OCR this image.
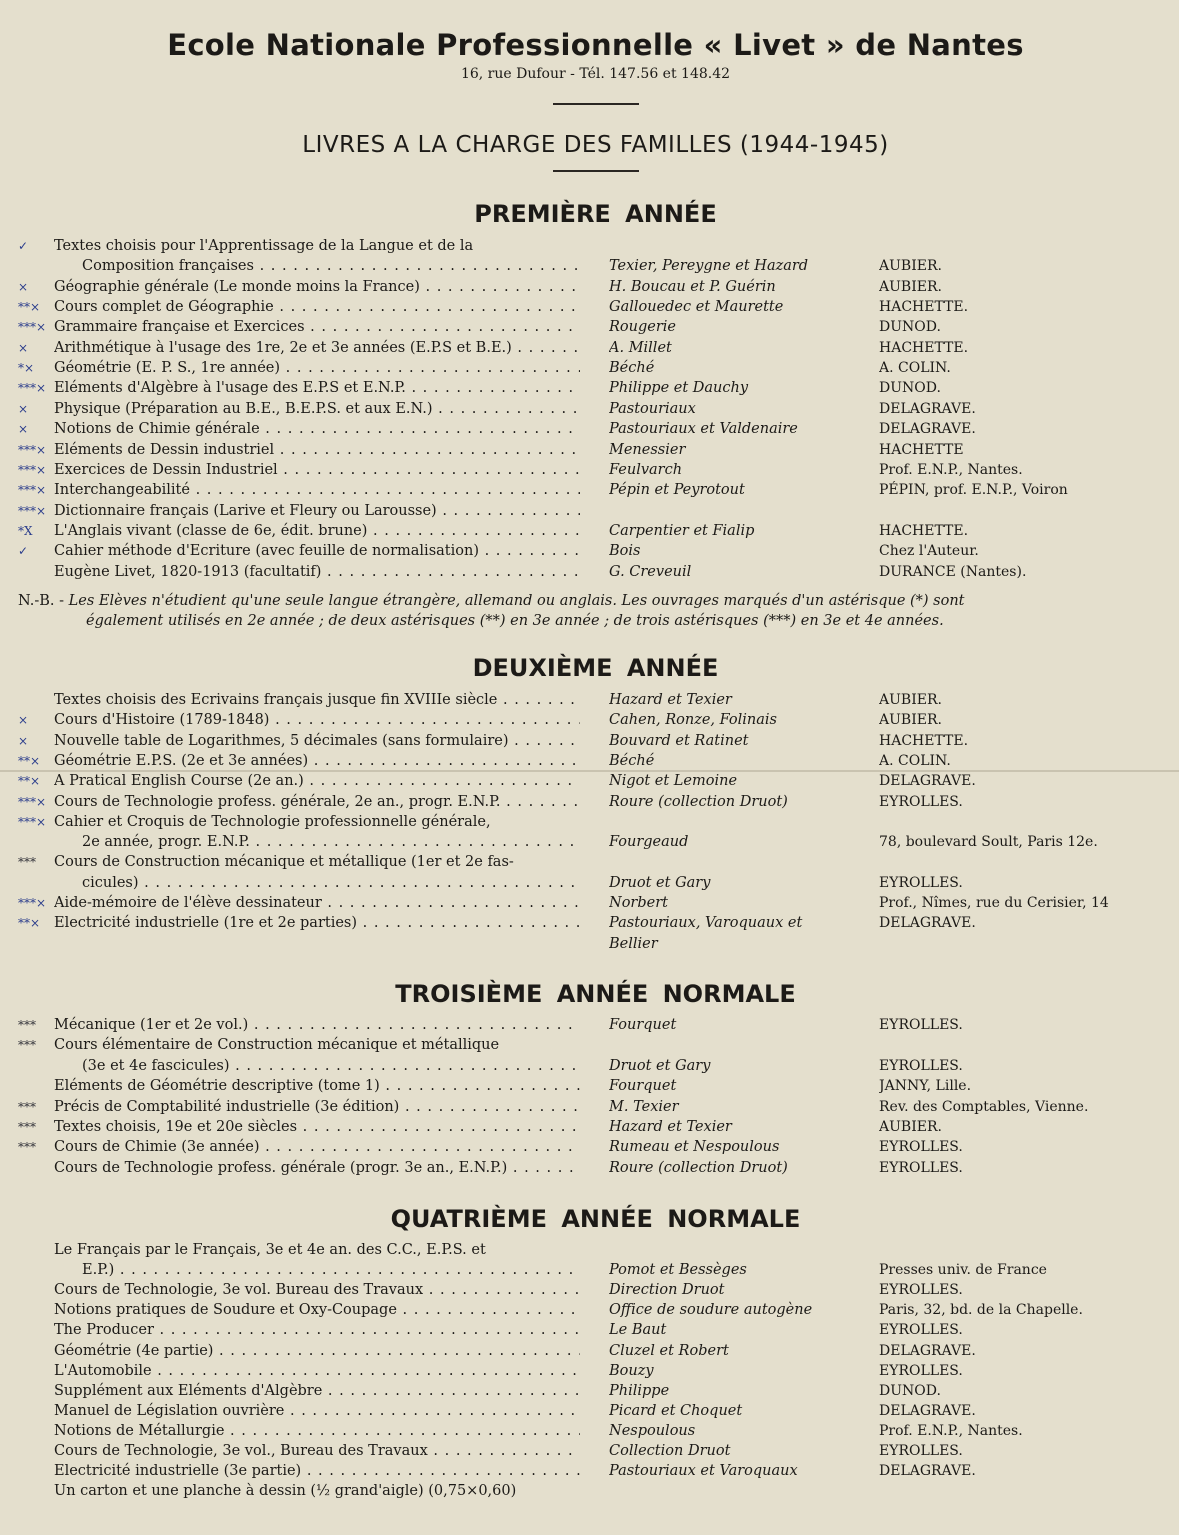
Ecole Nationale Professionnelle « Livet » de Nantes
16, rue Dufour - Tél. 147.56 et 148.42
LIVRES A LA CHARGE DES FAMILLES (1944-1945)
PREMIÈRE ANNÉE
✓	Textes choisis pour l'Apprentissage de la Langue et de la
Composition françaises . . .	Texier, Pereygne et Hazard	AUBIER.
×	Géographie générale (Le monde moins la France) . . .	H. Boucau et P. Guérin	AUBIER.
**× Cours complet de Géographie . . .	Gallouedec et Maurette	HACHETTE.
***× Grammaire française et Exercices . . .	Rougerie	DUNOD.
×	Arithmétique à l'usage des 1re, 2e et 3e années (E.P.S et B.E.) . . .	A. Millet	HACHETTE.
*×	Géométrie (E. P. S., 1re année) . . .	Béché	A. COLIN.
***× Eléments d'Algèbre à l'usage des E.P.S et E.N.P. . . .	Philippe et Dauchy	DUNOD.
×	Physique (Préparation au B.E., B.E.P.S. et aux E.N.) . . .	Pastouriaux	DELAGRAVE.
×	Notions de Chimie générale . . .	Pastouriaux et Valdenaire	DELAGRAVE.
***× Eléments de Dessin industriel . . .	Menessier	HACHETTE
***× Exercices de Dessin Industriel . . .	Feulvarch	Prof. E.N.P., Nantes.
***× Interchangeabilité . . .	Pépin et Peyrotout	PÉPIN, prof. E.N.P., Voiron
***× Dictionnaire français (Larive et Fleury ou Larousse) . . .
*X	L'Anglais vivant (classe de 6e, édit. brune) . . .	Carpentier et Fialip	HACHETTE.
✓	Cahier méthode d'Ecriture (avec feuille de normalisation) . . .	Bois	Chez l'Auteur.
Eugène Livet, 1820-1913 (facultatif) . . .	G. Creveuil	DURANCE (Nantes).
N.-B. - Les Elèves n'étudient qu'une seule langue étrangère, allemand ou anglais. Les ouvrages marqués d'un astérisque (*) sont
également utilisés en 2e année ; de deux astérisques (**) en 3e année ; de trois astérisques (***) en 3e et 4e années.
DEUXIÈME ANNÉE
Textes choisis des Ecrivains français jusque fin XVIIIe siècle . . .	Hazard et Texier	AUBIER.
×	Cours d'Histoire (1789-1848) . . .	Cahen, Ronze, Folinais	AUBIER.
×	Nouvelle table de Logarithmes, 5 décimales (sans formulaire) . . .	Bouvard et Ratinet	HACHETTE.
**× Géométrie E.P.S. (2e et 3e années) . . .	Béché	A. COLIN.
**× A Pratical English Course (2e an.) . . .	Nigot et Lemoine	DELAGRAVE.
***× Cours de Technologie profess. générale, 2e an., progr. E.N.P. . . .	Roure (collection Druot)	EYROLLES.
***× Cahier et Croquis de Technologie professionnelle générale,
2e année, progr. E.N.P. . . .	Fourgeaud	78, boulevard Soult, Paris 12e.
***	Cours de Construction mécanique et métallique (1er et 2e fas-
cicules) . . .	Druot et Gary	EYROLLES.
***× Aide-mémoire de l'élève dessinateur . . .	Norbert	Prof., Nîmes, rue du Cerisier, 14
**× Electricité industrielle (1re et 2e parties) . . .	Pastouriaux, Varoquaux et	DELAGRAVE.
Bellier
TROISIÈME ANNÉE NORMALE
***	Mécanique (1er et 2e vol.) . . .	Fourquet	EYROLLES.
***	Cours élémentaire de Construction mécanique et métallique
(3e et 4e fascicules) . . .	Druot et Gary	EYROLLES.
Eléments de Géométrie descriptive (tome 1) . . .	Fourquet	JANNY, Lille.
***	Précis de Comptabilité industrielle (3e édition) . . .	M. Texier	Rev. des Comptables, Vienne.
***	Textes choisis, 19e et 20e siècles . . .	Hazard et Texier	AUBIER.
***	Cours de Chimie (3e année) . . .	Rumeau et Nespoulous	EYROLLES.
Cours de Technologie profess. générale (progr. 3e an., E.N.P.) . . .	Roure (collection Druot)	EYROLLES.
QUATRIÈME ANNÉE NORMALE
Le Français par le Français, 3e et 4e an. des C.C., E.P.S. et
E.P.) . . .	Pomot et Bessèges	Presses univ. de France
Cours de Technologie, 3e vol. Bureau des Travaux . . .	Direction Druot	EYROLLES.
Notions pratiques de Soudure et Oxy-Coupage . . .	Office de soudure autogène	Paris, 32, bd. de la Chapelle.
The Producer . . .	Le Baut	EYROLLES.
Géométrie (4e partie) . . .	Cluzel et Robert	DELAGRAVE.
L'Automobile . . .	Bouzy	EYROLLES.
Supplément aux Eléments d'Algèbre . . .	Philippe	DUNOD.
Manuel de Législation ouvrière . . .	Picard et Choquet	DELAGRAVE.
Notions de Métallurgie . . .	Nespoulous	Prof. E.N.P., Nantes.
Cours de Technologie, 3e vol., Bureau des Travaux . . .	Collection Druot	EYROLLES.
Electricité industrielle (3e partie) . . .	Pastouriaux et Varoquaux	DELAGRAVE.
Un carton et une planche à dessin (½ grand'aigle) (0,75×0,60)
